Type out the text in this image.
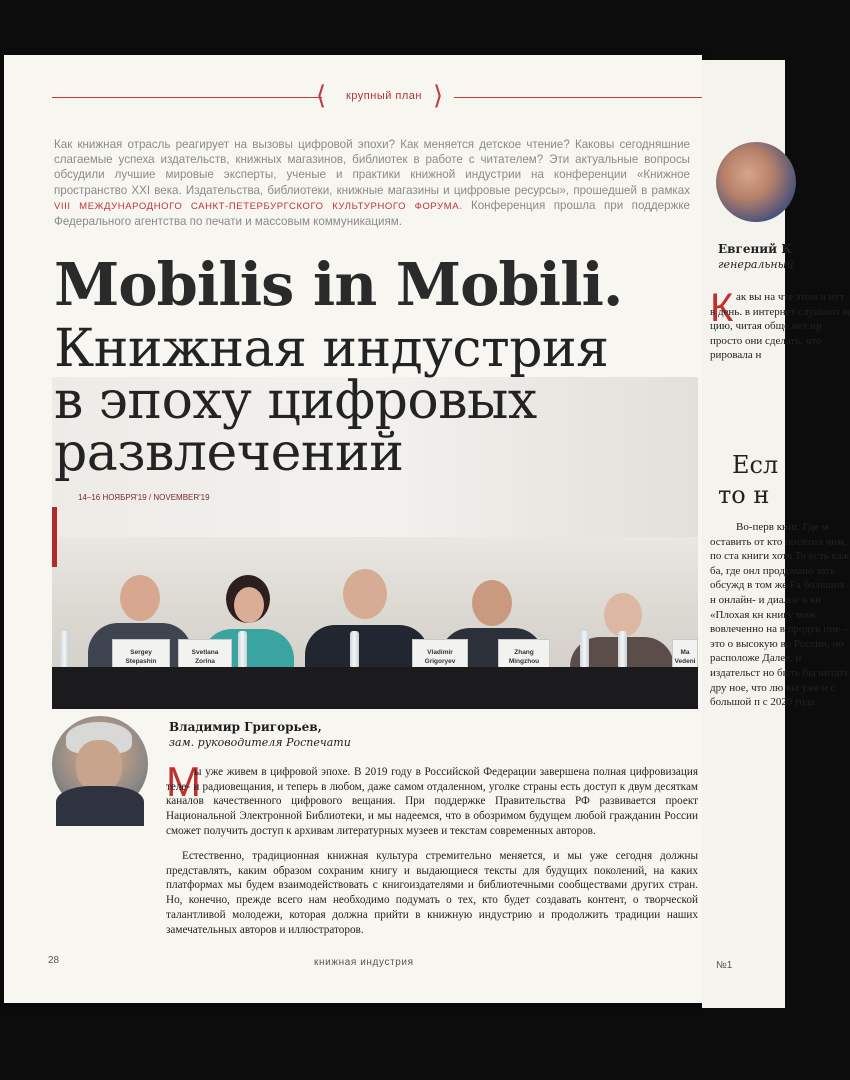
⟨	крупный план ⟩
Как книжная отрасль реагирует на вызовы цифровой эпохи? Как меняется детское чтение? Каковы сегодняшние слагаемые успеха издательств, книжных магазинов, библиотек в работе с читателем? Эти актуальные вопросы обсудили лучшие мировые эксперты, ученые и практики книжной индустрии на конференции «Книжное пространство XXI века. Издательства, библиотеки, книжные магазины и цифровые ресурсы», прошедшей в рамках VIII МЕЖДУНАРОДНОГО САНКТ-ПЕТЕРБУРГСКОГО КУЛЬТУРНОГО ФОРУМА. Конференция прошла при поддержке Федерального агентства по печати и массовым коммуникациям.
14–16 НОЯБРЯ'19 / NOVEMBER'19
Sergey
Stepashin
Svetlana
Zorina
Vladimir
Grigoryev
Zhang
Mingzhou
Ma
Vedeni
Mobilis in Mobili.
Книжная индустрия
в эпоху цифровых
развлечений
Владимир Григорьев,
зам. руководителя Роспечати
М
ы уже живем в цифровой эпохе. В 2019 году в Российской Федерации завершена полная цифровизация теле- и радиовещания, и теперь в любом, даже самом отдаленном, уголке страны есть доступ к двум десяткам каналов качественного цифрового вещания. При поддержке Правительства РФ развивается проект Национальной Электронной Библиотеки, и мы надеемся, что в обозримом будущем любой гражданин России сможет получить доступ к архивам литературных музеев и текстам современных авторов.
Естественно, традиционная книжная культура стремительно меняется, и мы уже сегодня должны представлять, каким образом сохраним книгу и выдающиеся тексты для будущих поколений, на каких платформах мы будем взаимодействовать с книгоиздателями и библиотечными сообществами других стран. Но, конечно, прежде всего нам необходимо подумать о тех, кто будет создавать контент, о творческой талантливой молодежи, которая должна прийти в книжную индустрию и продолжить традиции наших замечательных авторов и иллюстраторов.
28	книжная индустрия
Евгений К
генеральный
К ак вы на чте этом ч нут в день. в интернет слушают м цию, читая обще нет пр просто они сделать, что рировала н
Есл
то н
Во-перв книг. Где м оставить от кто посетил чим, по ста книги хотя То есть каж ба, где онл продумано зать обсужд в том же Fa больших н онлайн- и диалог о кн «Плохая кн книгу мож вовлеченно на в продук ние – это о высокую во России, но расположе Далее, и издательст но быть бы читать дру ное, что лю вы уже и с большой п с 2020 года
№1
